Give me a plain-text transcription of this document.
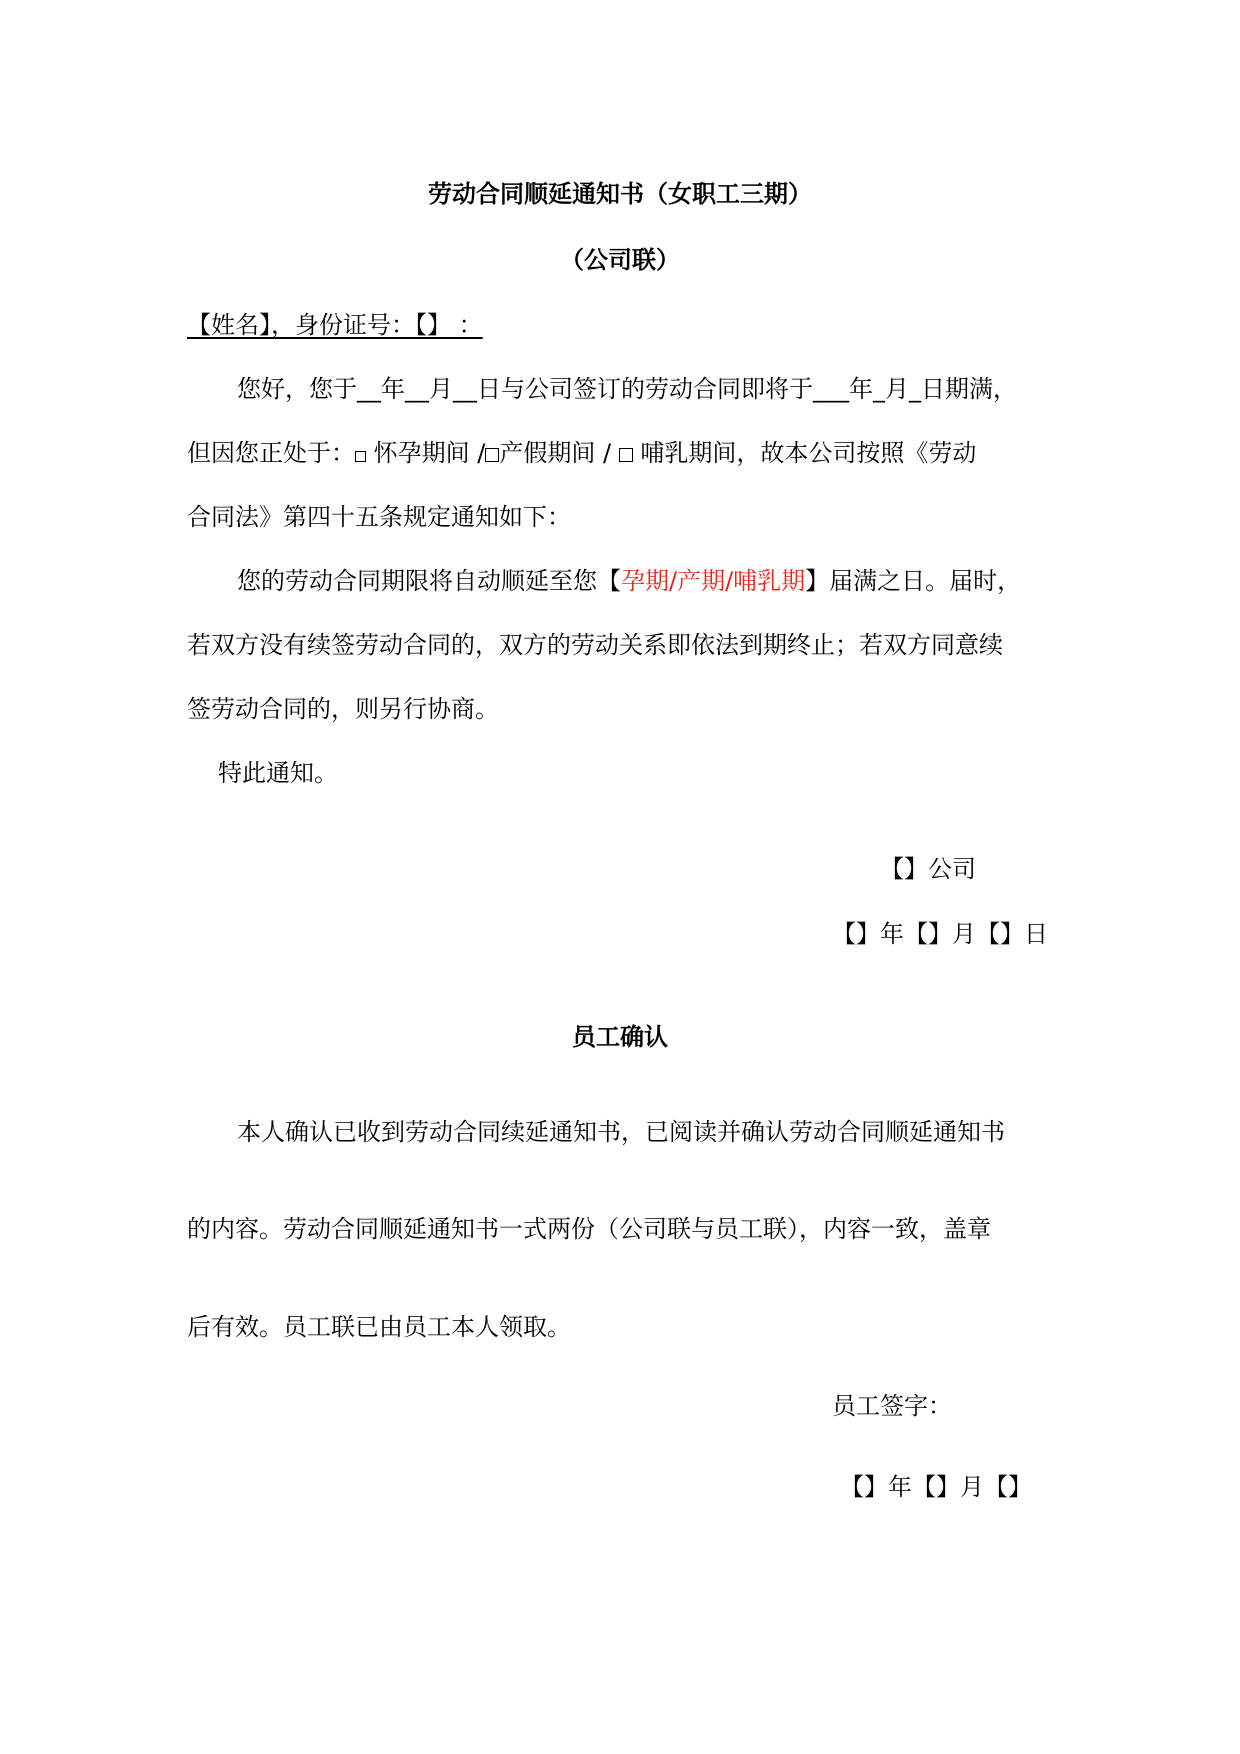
劳动合同顺延通知书（女职工三期）
（公司联）
【姓名】，身份证号：【】 ：
您好，您于__年__月__日与公司签订的劳动合同即将于___年_月_日期满，
但因您正处于： 怀孕期间 / 产假期间 /  哺乳期间，故本公司按照《劳动
合同法》第四十五条规定通知如下：
您的劳动合同期限将自动顺延至您【孕期/产期/哺乳期】届满之日。届时，
若双方没有续签劳动合同的，双方的劳动关系即依法到期终止；若双方同意续
签劳动合同的，则另行协商。
特此通知。
【】公司
【】年【】月【】日
员工确认
本人确认已收到劳动合同续延通知书，已阅读并确认劳动合同顺延通知书
的内容。劳动合同顺延通知书一式两份（公司联与员工联），内容一致，盖章
后有效。员工联已由员工本人领取。
员工签字：
【】年【】月【】
